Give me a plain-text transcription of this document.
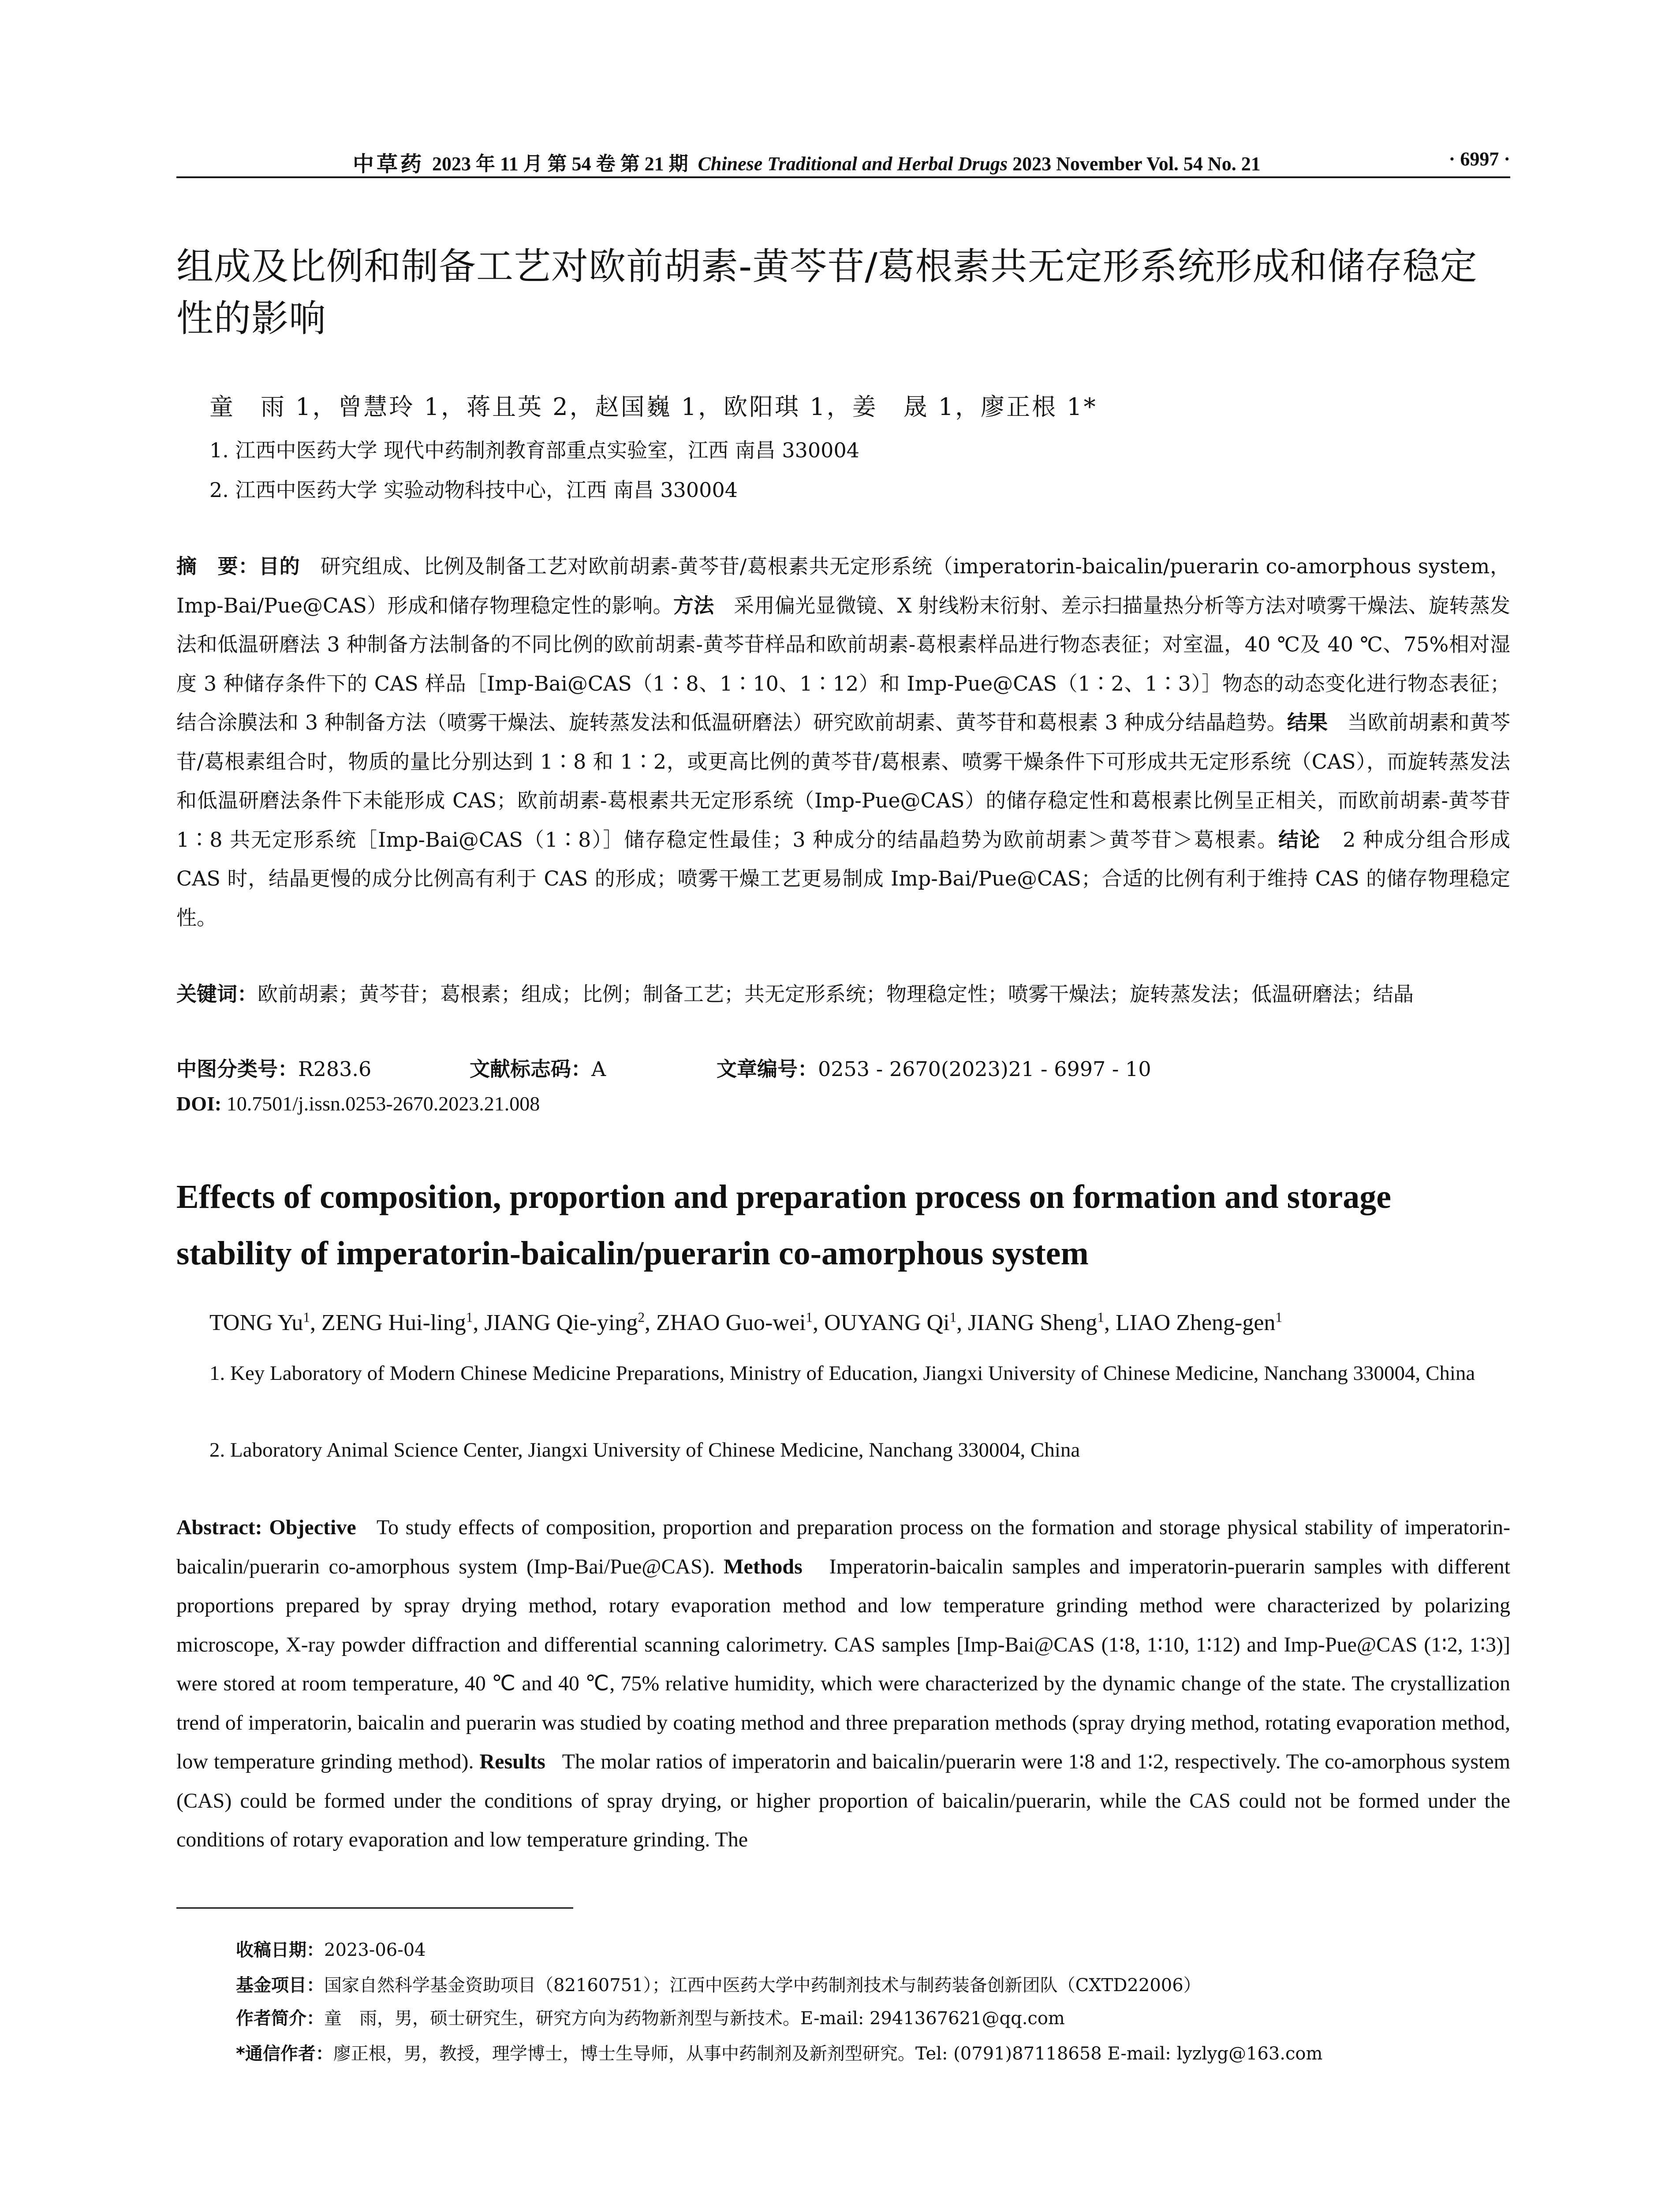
中草药 2023 年 11 月 第 54 卷 第 21 期 Chinese Traditional and Herbal Drugs 2023 November Vol. 54 No. 21	· 6997 ·
组成及比例和制备工艺对欧前胡素-黄芩苷/葛根素共无定形系统形成和储存稳定性的影响
童　雨 1，曾慧玲 1，蒋且英 2，赵国巍 1，欧阳琪 1，姜　晟 1，廖正根 1*
1. 江西中医药大学 现代中药制剂教育部重点实验室，江西 南昌 330004
2. 江西中医药大学 实验动物科技中心，江西 南昌 330004
摘　要：目的 研究组成、比例及制备工艺对欧前胡素-黄芩苷/葛根素共无定形系统（imperatorin-baicalin/puerarin co-amorphous system，Imp-Bai/Pue@CAS）形成和储存物理稳定性的影响。方法 采用偏光显微镜、X 射线粉末衍射、差示扫描量热分析等方法对喷雾干燥法、旋转蒸发法和低温研磨法 3 种制备方法制备的不同比例的欧前胡素-黄芩苷样品和欧前胡素-葛根素样品进行物态表征；对室温，40 ℃及 40 ℃、75%相对湿度 3 种储存条件下的 CAS 样品［Imp-Bai@CAS（1∶8、1∶10、1∶12）和 Imp-Pue@CAS（1∶2、1∶3）］物态的动态变化进行物态表征；结合涂膜法和 3 种制备方法（喷雾干燥法、旋转蒸发法和低温研磨法）研究欧前胡素、黄芩苷和葛根素 3 种成分结晶趋势。结果 当欧前胡素和黄芩苷/葛根素组合时，物质的量比分别达到 1∶8 和 1∶2，或更高比例的黄芩苷/葛根素、喷雾干燥条件下可形成共无定形系统（CAS），而旋转蒸发法和低温研磨法条件下未能形成 CAS；欧前胡素-葛根素共无定形系统（Imp-Pue@CAS）的储存稳定性和葛根素比例呈正相关，而欧前胡素-黄芩苷 1∶8 共无定形系统［Imp-Bai@CAS（1∶8）］储存稳定性最佳；3 种成分的结晶趋势为欧前胡素＞黄芩苷＞葛根素。结论 2 种成分组合形成 CAS 时，结晶更慢的成分比例高有利于 CAS 的形成；喷雾干燥工艺更易制成 Imp-Bai/Pue@CAS；合适的比例有利于维持 CAS 的储存物理稳定性。
关键词：欧前胡素；黄芩苷；葛根素；组成；比例；制备工艺；共无定形系统；物理稳定性；喷雾干燥法；旋转蒸发法；低温研磨法；结晶
中图分类号：R283.6	文献标志码：A	文章编号：0253 - 2670(2023)21 - 6997 - 10
DOI: 10.7501/j.issn.0253-2670.2023.21.008
Effects of composition, proportion and preparation process on formation and storage stability of imperatorin-baicalin/puerarin co-amorphous system
TONG Yu$^1$, ZENG Hui-ling$^1$, JIANG Qie-ying$^2$, ZHAO Guo-wei$^1$, OUYANG Qi$^1$, JIANG Sheng$^1$, LIAO Zheng-gen$^1$
1. Key Laboratory of Modern Chinese Medicine Preparations, Ministry of Education, Jiangxi University of Chinese Medicine, Nanchang 330004, China
2. Laboratory Animal Science Center, Jiangxi University of Chinese Medicine, Nanchang 330004, China
Abstract: Objective To study effects of composition, proportion and preparation process on the formation and storage physical stability of imperatorin-baicalin/puerarin co-amorphous system (Imp-Bai/Pue@CAS). Methods Imperatorin-baicalin samples and imperatorin-puerarin samples with different proportions prepared by spray drying method, rotary evaporation method and low temperature grinding method were characterized by polarizing microscope, X-ray powder diffraction and differential scanning calorimetry. CAS samples [Imp-Bai@CAS (1∶8, 1∶10, 1∶12) and Imp-Pue@CAS (1∶2, 1∶3)] were stored at room temperature, 40 ℃ and 40 ℃, 75% relative humidity, which were characterized by the dynamic change of the state. The crystallization trend of imperatorin, baicalin and puerarin was studied by coating method and three preparation methods (spray drying method, rotating evaporation method, low temperature grinding method). Results The molar ratios of imperatorin and baicalin/puerarin were 1∶8 and 1∶2, respectively. The co-amorphous system (CAS) could be formed under the conditions of spray drying, or higher proportion of baicalin/puerarin, while the CAS could not be formed under the conditions of rotary evaporation and low temperature grinding. The
收稿日期：2023-06-04
基金项目：国家自然科学基金资助项目（82160751）；江西中医药大学中药制剂技术与制药装备创新团队（CXTD22006）
作者简介：童　雨，男，硕士研究生，研究方向为药物新剂型与新技术。E-mail: 2941367621@qq.com
*通信作者：廖正根，男，教授，理学博士，博士生导师，从事中药制剂及新剂型研究。Tel: (0791)87118658 E-mail: lyzlyg@163.com
